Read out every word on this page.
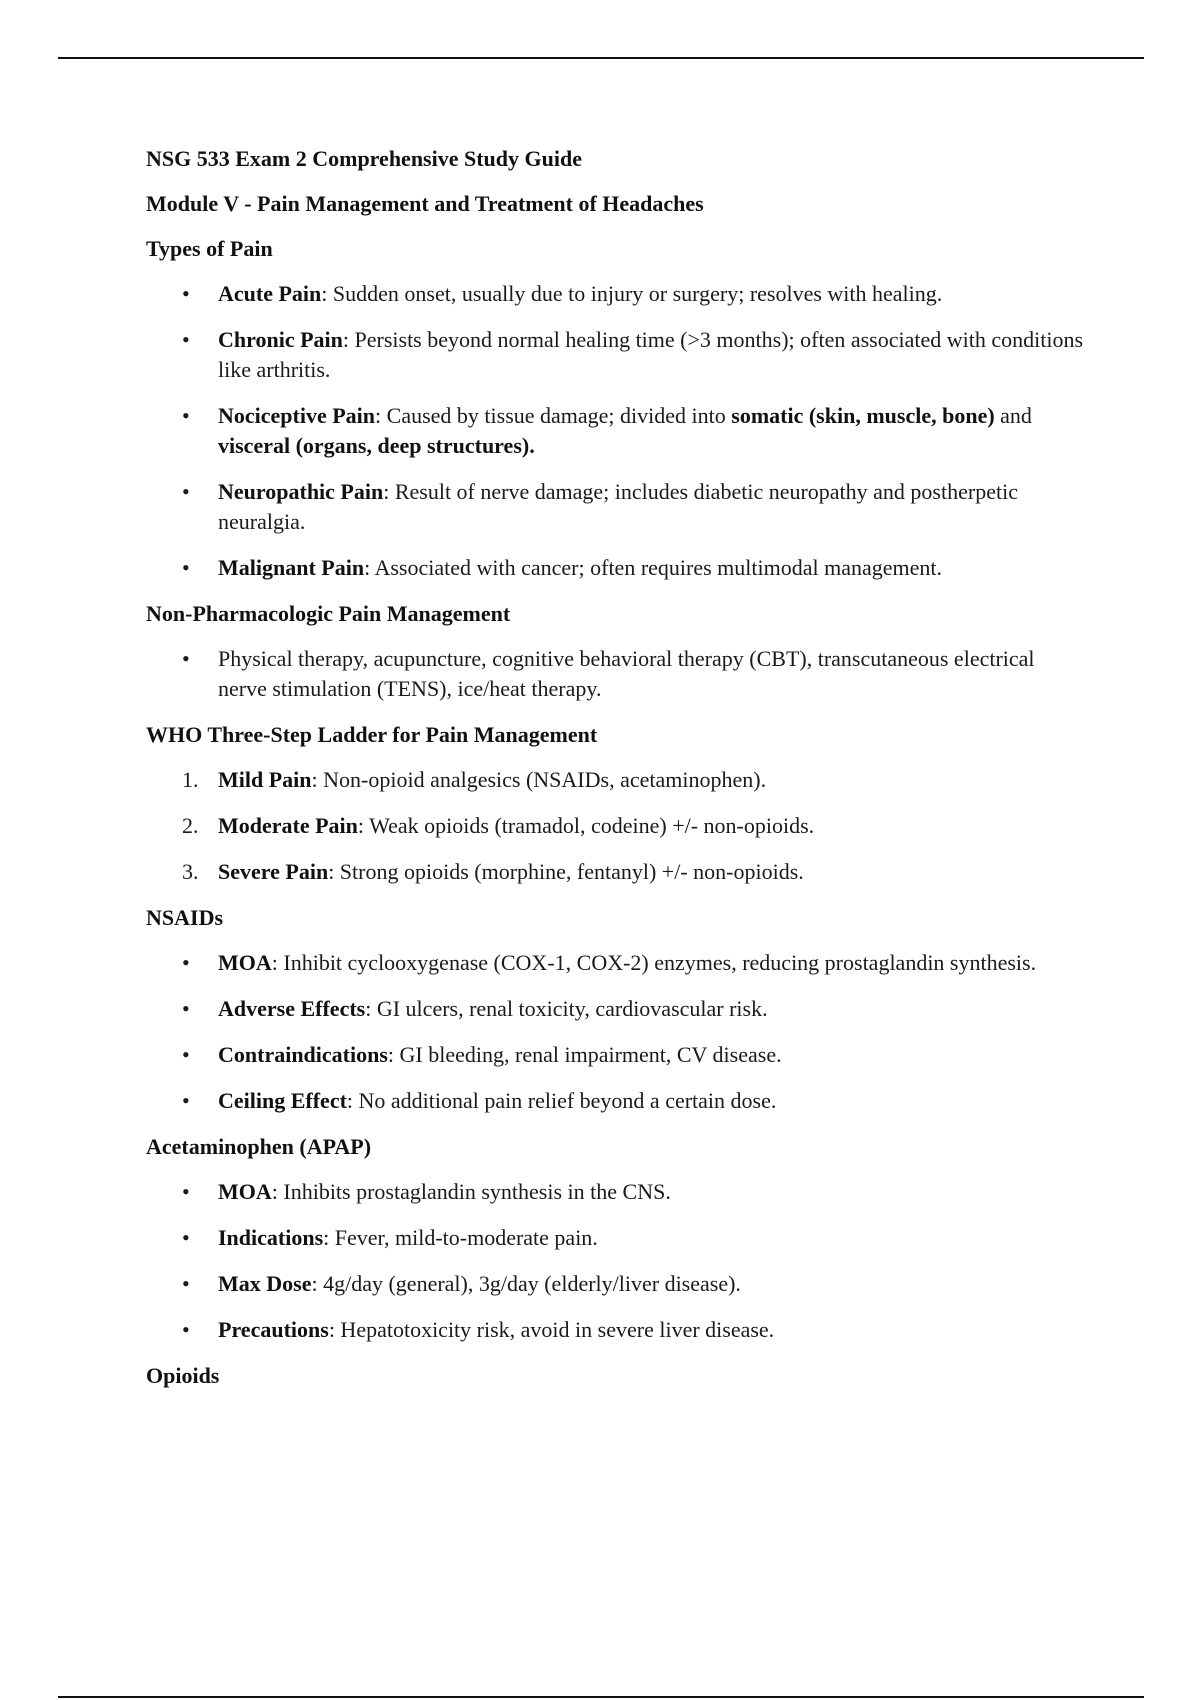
NSG 533 Exam 2 Comprehensive Study Guide
Module V - Pain Management and Treatment of Headaches
Types of Pain
• Acute Pain: Sudden onset, usually due to injury or surgery; resolves with healing.
• Chronic Pain: Persists beyond normal healing time (>3 months); often associated with conditions like arthritis.
• Nociceptive Pain: Caused by tissue damage; divided into somatic (skin, muscle, bone) and visceral (organs, deep structures).
• Neuropathic Pain: Result of nerve damage; includes diabetic neuropathy and postherpetic neuralgia.
• Malignant Pain: Associated with cancer; often requires multimodal management.
Non-Pharmacologic Pain Management
• Physical therapy, acupuncture, cognitive behavioral therapy (CBT), transcutaneous electrical nerve stimulation (TENS), ice/heat therapy.
WHO Three-Step Ladder for Pain Management
1. Mild Pain: Non-opioid analgesics (NSAIDs, acetaminophen).
2. Moderate Pain: Weak opioids (tramadol, codeine) +/- non-opioids.
3. Severe Pain: Strong opioids (morphine, fentanyl) +/- non-opioids.
NSAIDs
• MOA: Inhibit cyclooxygenase (COX-1, COX-2) enzymes, reducing prostaglandin synthesis.
• Adverse Effects: GI ulcers, renal toxicity, cardiovascular risk.
• Contraindications: GI bleeding, renal impairment, CV disease.
• Ceiling Effect: No additional pain relief beyond a certain dose.
Acetaminophen (APAP)
• MOA: Inhibits prostaglandin synthesis in the CNS.
• Indications: Fever, mild-to-moderate pain.
• Max Dose: 4g/day (general), 3g/day (elderly/liver disease).
• Precautions: Hepatotoxicity risk, avoid in severe liver disease.
Opioids
